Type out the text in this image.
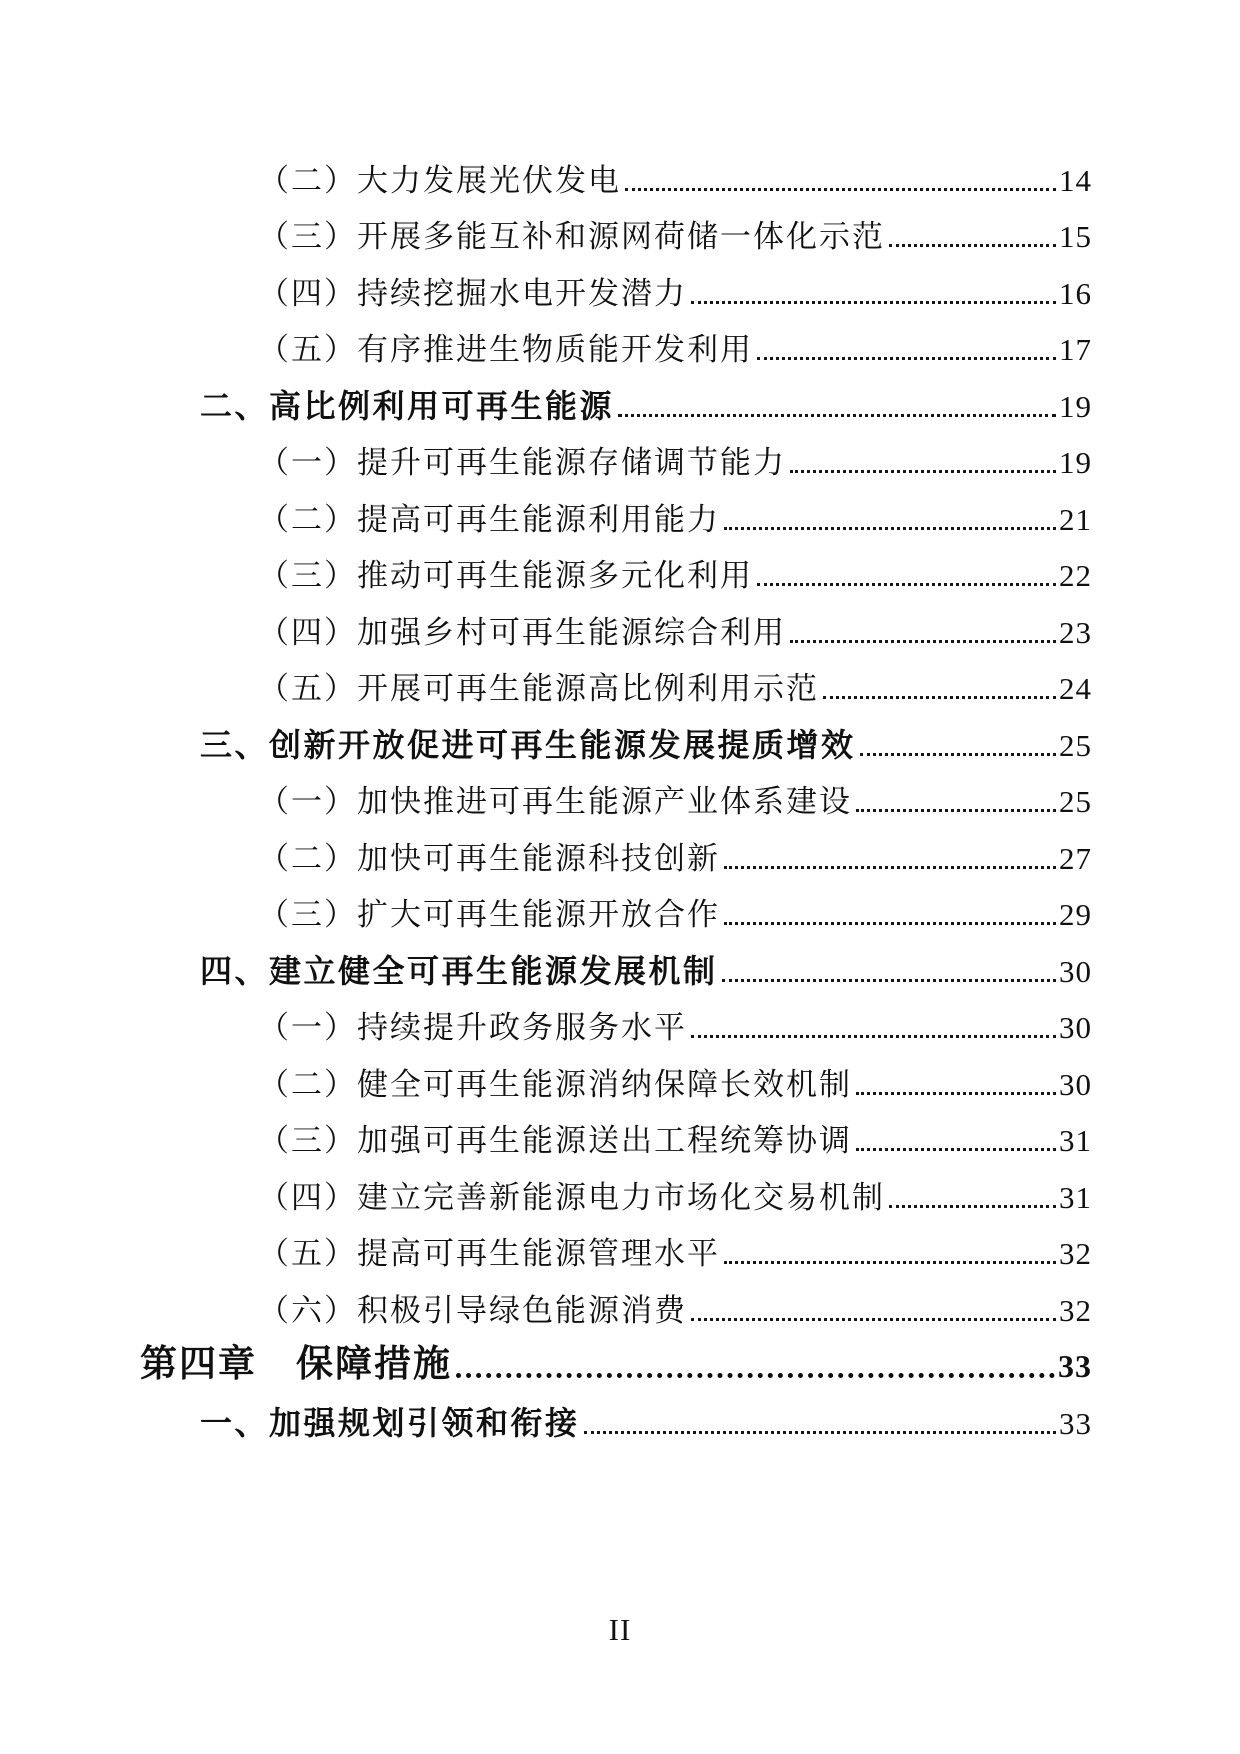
（二）大力发展光伏发电	14
（三）开展多能互补和源网荷储一体化示范	15
（四）持续挖掘水电开发潜力	16
（五）有序推进生物质能开发利用	17
二、高比例利用可再生能源	19
（一）提升可再生能源存储调节能力	19
（二）提高可再生能源利用能力	21
（三）推动可再生能源多元化利用	22
（四）加强乡村可再生能源综合利用	23
（五）开展可再生能源高比例利用示范	24
三、创新开放促进可再生能源发展提质增效	25
（一）加快推进可再生能源产业体系建设	25
（二）加快可再生能源科技创新	27
（三）扩大可再生能源开放合作	29
四、建立健全可再生能源发展机制	30
（一）持续提升政务服务水平	30
（二）健全可再生能源消纳保障长效机制	30
（三）加强可再生能源送出工程统筹协调	31
（四）建立完善新能源电力市场化交易机制	31
（五）提高可再生能源管理水平	32
（六）积极引导绿色能源消费	32
第四章　保障措施	33
一、加强规划引领和衔接	33
II
